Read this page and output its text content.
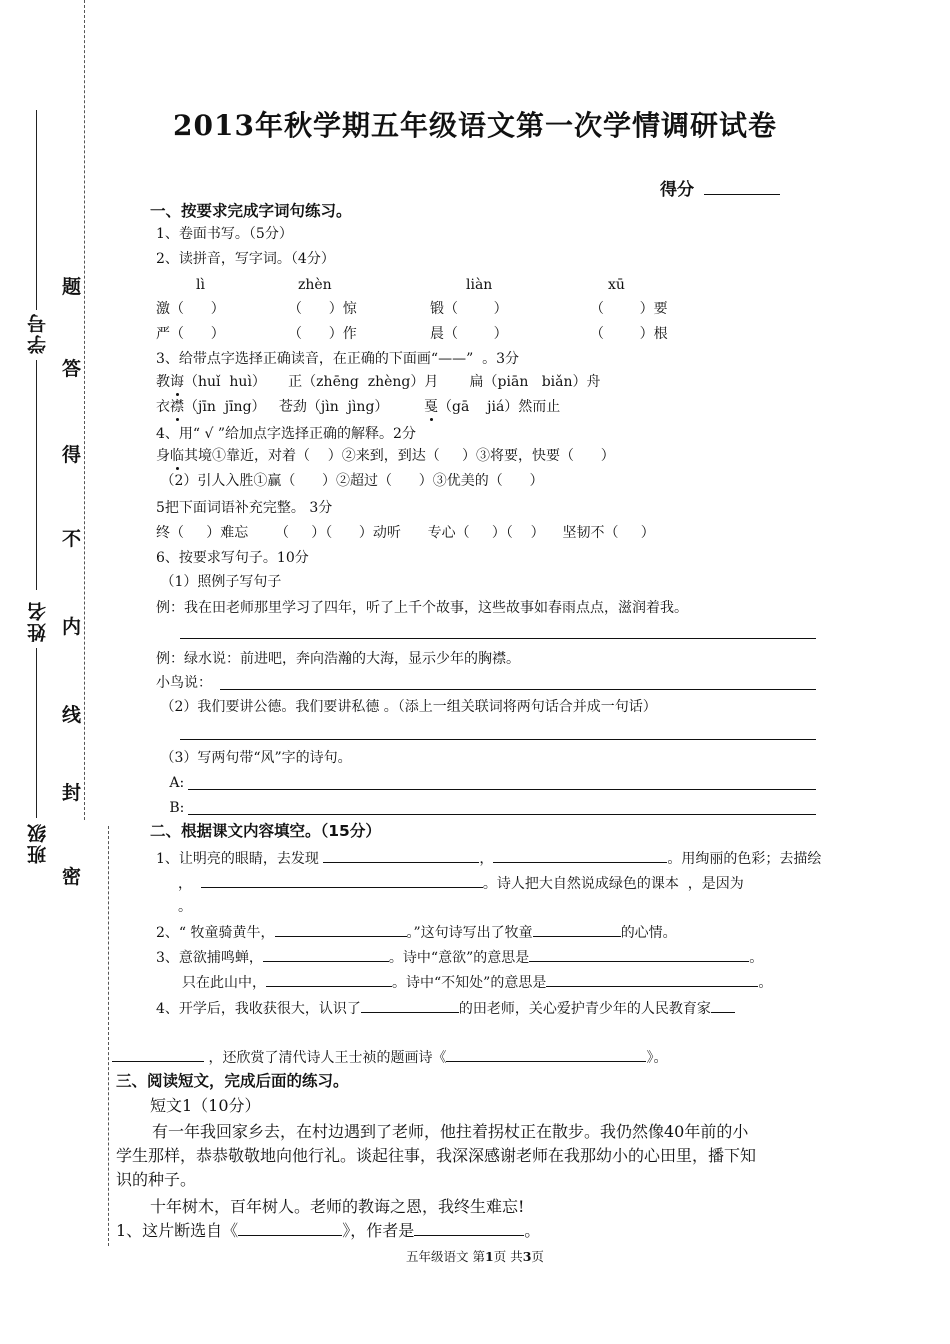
学号
姓名
班级
密
封
线
内
不
得
答
题
2013年秋学期五年级语文第一次学情调研试卷
得分
一、按要求完成字词句练习。
1、卷面书写。（5分）
2、读拼音，写字词。（4分）
lì	zhèn	liàn	xū
激（      ）	（      ）惊	锻（        ）	（        ）要
严（      ）	（      ）作	晨（        ）	（        ）根
3、给带点字选择正确读音，在正确的下面画“——”  。3分
教诲（huǐ  huì）     正（zhēng  zhèng）月       扁（piān   biǎn）舟
衣襟（jīn  jīng）   苍劲（jìn  jìng）        戛（gā    jiá）然而止
4、用“ √ ”给加点字选择正确的解释。2分
身临其境①靠近，对着（    ）②来到，到达（     ）③将要，快要（      ）
（2）引人入胜①赢（      ）②超过（      ）③优美的（      ）
5把下面词语补充完整。 3分
终（     ）难忘      （     ）（      ）动听      专心（     ）（    ）    坚韧不（     ）
6、按要求写句子。10分
（1）照例子写句子
例：我在田老师那里学习了四年，听了上千个故事，这些故事如春雨点点，滋润着我。
例：绿水说：前进吧，奔向浩瀚的大海，显示少年的胸襟。
小鸟说：
（2）我们要讲公德。我们要讲私德 。（添上一组关联词将两句话合并成一句话）
（3）写两句带“风”字的诗句。
A:
B:
二、根据课文内容填空。（15分）
1、让明亮的眼睛，去发现	，	。用绚丽的色彩；去描绘
，	。诗人把大自然说成绿色的课本  ，是因为
。
2、“ 牧童骑黄牛，	。”这句诗写出了牧童	的心情。
3、意欲捕鸣蝉，	。诗中“意欲”的意思是	。
只在此山中，	。诗中“不知处”的意思是	。
4、开学后，我收获很大，认识了	的田老师，关心爱护青少年的人民教育家
，还欣赏了清代诗人王士祯的题画诗《	》。
三、阅读短文，完成后面的练习。
短文1（10分）
有一年我回家乡去，在村边遇到了老师，他拄着拐杖正在散步。我仍然像40年前的小
学生那样，恭恭敬敬地向他行礼。谈起往事，我深深感谢老师在我那幼小的心田里，播下知
识的种子。
十年树木，百年树人。老师的教诲之恩，我终生难忘!
1、这片断选自《	》，作者是	。
五年级语文 第1页 共3页
